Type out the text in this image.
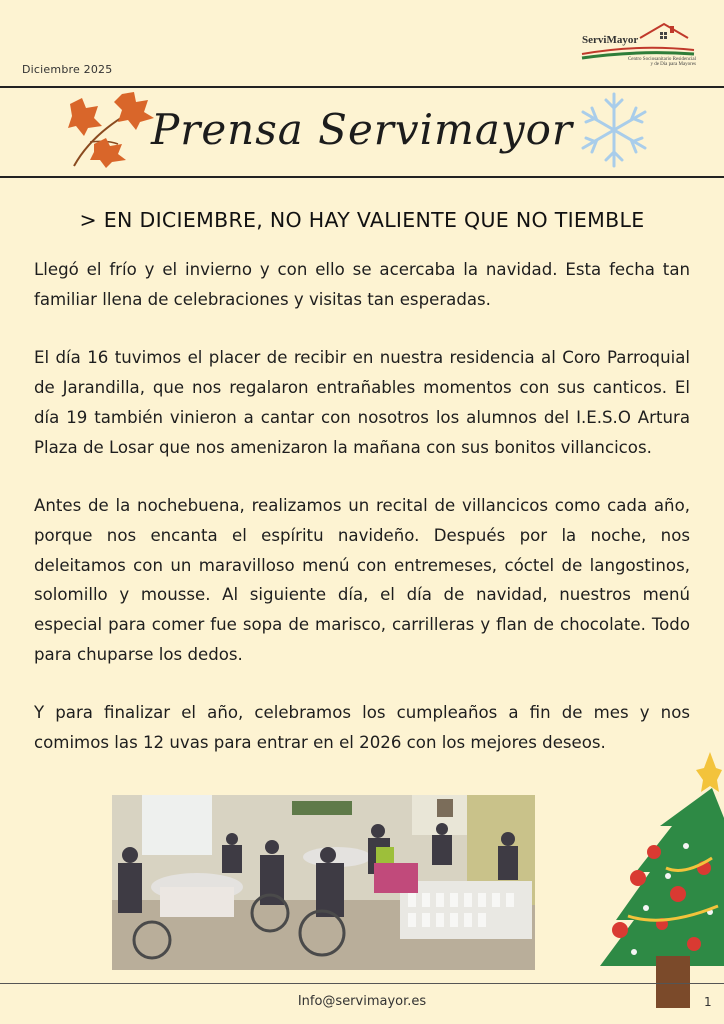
Diciembre 2025
ServiMayor
Centro Sociosanitario Residencial
y de Día para Mayores
Prensa Servimayor
> EN DICIEMBRE, NO HAY VALIENTE QUE NO TIEMBLE

Llegó el frío y el invierno y con ello se acercaba la navidad. Esta fecha tan familiar llena de celebraciones y visitas tan esperadas.

El día 16 tuvimos el placer de recibir en nuestra residencia al Coro Parroquial de Jarandilla, que nos regalaron entrañables momentos con sus canticos. El día 19 también vinieron a cantar con nosotros los alumnos del I.E.S.O Artura Plaza de Losar que nos amenizaron la mañana con sus bonitos villancicos.

Antes de la nochebuena, realizamos un recital de villancicos como cada año, porque nos encanta el espíritu navideño. Después por la noche, nos deleitamos con un maravilloso menú con entremeses, cóctel de langostinos, solomillo y mousse. Al siguiente día, el día de navidad, nuestros menú especial para comer fue sopa de marisco, carrilleras y flan de chocolate. Todo para chuparse los dedos.

Y para finalizar el año, celebramos los cumpleaños a fin de mes y nos comimos las 12 uvas para entrar en el 2026 con los mejores deseos.

Info@servimayor.es	1
